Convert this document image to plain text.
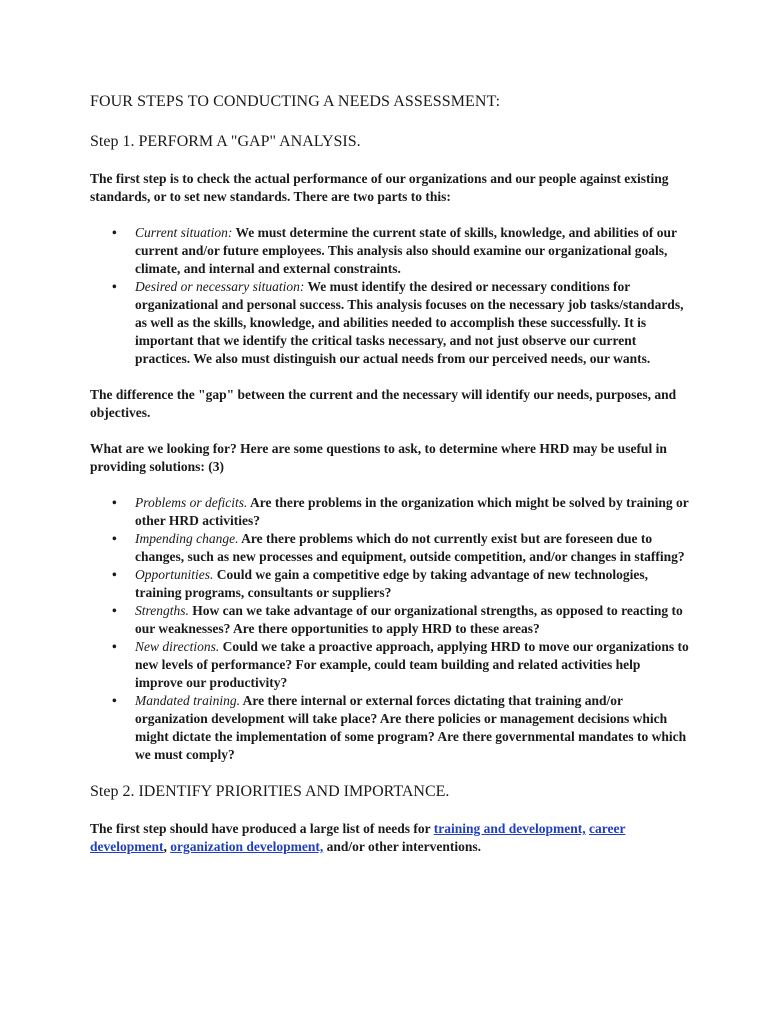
FOUR STEPS TO CONDUCTING A NEEDS ASSESSMENT:
Step 1. PERFORM A "GAP" ANALYSIS.

The first step is to check the actual performance of our organizations and our people against existing standards, or to set new standards. There are two parts to this:

• Current situation: We must determine the current state of skills, knowledge, and abilities of our current and/or future employees. This analysis also should examine our organizational goals, climate, and internal and external constraints.
• Desired or necessary situation: We must identify the desired or necessary conditions for organizational and personal success. This analysis focuses on the necessary job tasks/standards, as well as the skills, knowledge, and abilities needed to accomplish these successfully. It is important that we identify the critical tasks necessary, and not just observe our current practices. We also must distinguish our actual needs from our perceived needs, our wants.

The difference the "gap" between the current and the necessary will identify our needs, purposes, and objectives.

What are we looking for? Here are some questions to ask, to determine where HRD may be useful in providing solutions: (3)

• Problems or deficits. Are there problems in the organization which might be solved by training or other HRD activities?
• Impending change. Are there problems which do not currently exist but are foreseen due to changes, such as new processes and equipment, outside competition, and/or changes in staffing?
• Opportunities. Could we gain a competitive edge by taking advantage of new technologies, training programs, consultants or suppliers?
• Strengths. How can we take advantage of our organizational strengths, as opposed to reacting to our weaknesses? Are there opportunities to apply HRD to these areas?
• New directions. Could we take a proactive approach, applying HRD to move our organizations to new levels of performance? For example, could team building and related activities help improve our productivity?
• Mandated training. Are there internal or external forces dictating that training and/or organization development will take place? Are there policies or management decisions which might dictate the implementation of some program? Are there governmental mandates to which we must comply?
Step 2. IDENTIFY PRIORITIES AND IMPORTANCE.

The first step should have produced a large list of needs for training and development, career development, organization development, and/or other interventions.
